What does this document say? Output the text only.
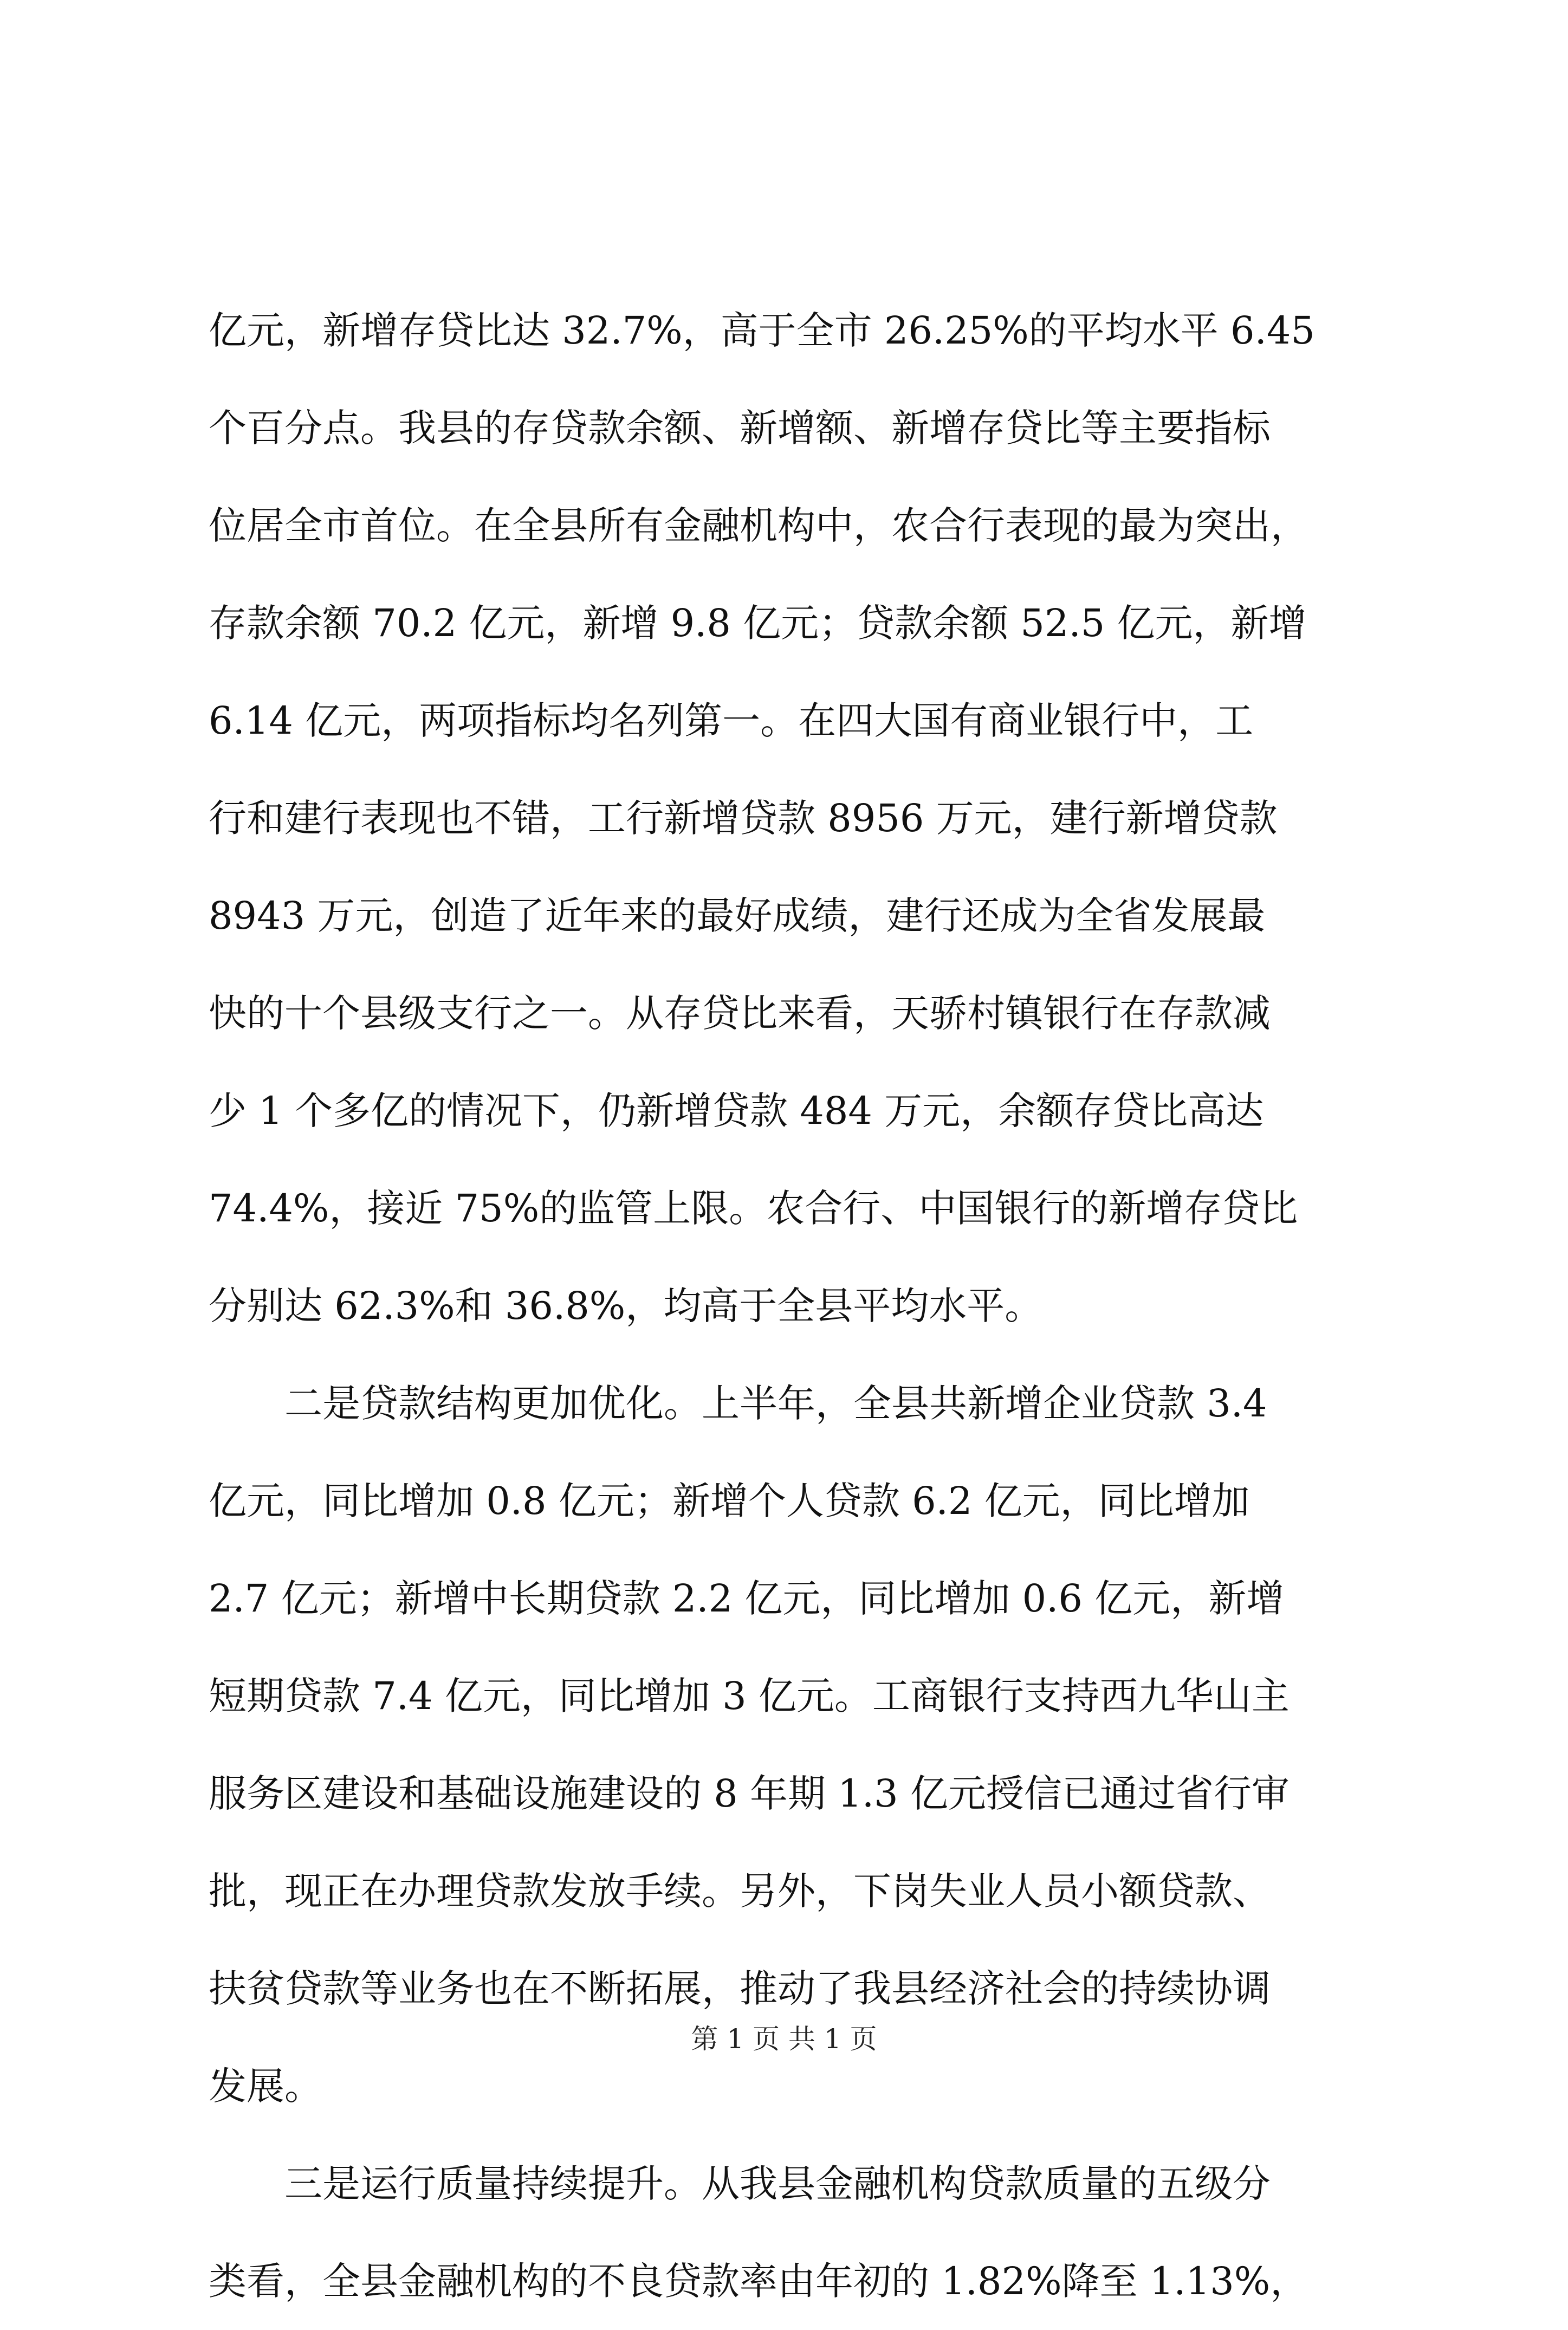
亿元，新增存贷比达 32.7%，高于全市 26.25%的平均水平 6.45
个百分点。我县的存贷款余额、新增额、新增存贷比等主要指标
位居全市首位。在全县所有金融机构中，农合行表现的最为突出，
存款余额 70.2 亿元，新增 9.8 亿元；贷款余额 52.5 亿元，新增
6.14 亿元，两项指标均名列第一。在四大国有商业银行中，工
行和建行表现也不错，工行新增贷款 8956 万元，建行新增贷款
8943 万元，创造了近年来的最好成绩，建行还成为全省发展最
快的十个县级支行之一。从存贷比来看，天骄村镇银行在存款减
少 1 个多亿的情况下，仍新增贷款 484 万元，余额存贷比高达
74.4%，接近 75%的监管上限。农合行、中国银行的新增存贷比
分别达 62.3%和 36.8%，均高于全县平均水平。
二是贷款结构更加优化。上半年，全县共新增企业贷款 3.4
亿元，同比增加 0.8 亿元；新增个人贷款 6.2 亿元，同比增加
2.7 亿元；新增中长期贷款 2.2 亿元，同比增加 0.6 亿元，新增
短期贷款 7.4 亿元，同比增加 3 亿元。工商银行支持西九华山主
服务区建设和基础设施建设的 8 年期 1.3 亿元授信已通过省行审
批，现正在办理贷款发放手续。另外，下岗失业人员小额贷款、
扶贫贷款等业务也在不断拓展，推动了我县经济社会的持续协调
发展。
三是运行质量持续提升。从我县金融机构贷款质量的五级分
类看，全县金融机构的不良贷款率由年初的 1.82%降至 1.13%，
第 1 页 共 1 页
